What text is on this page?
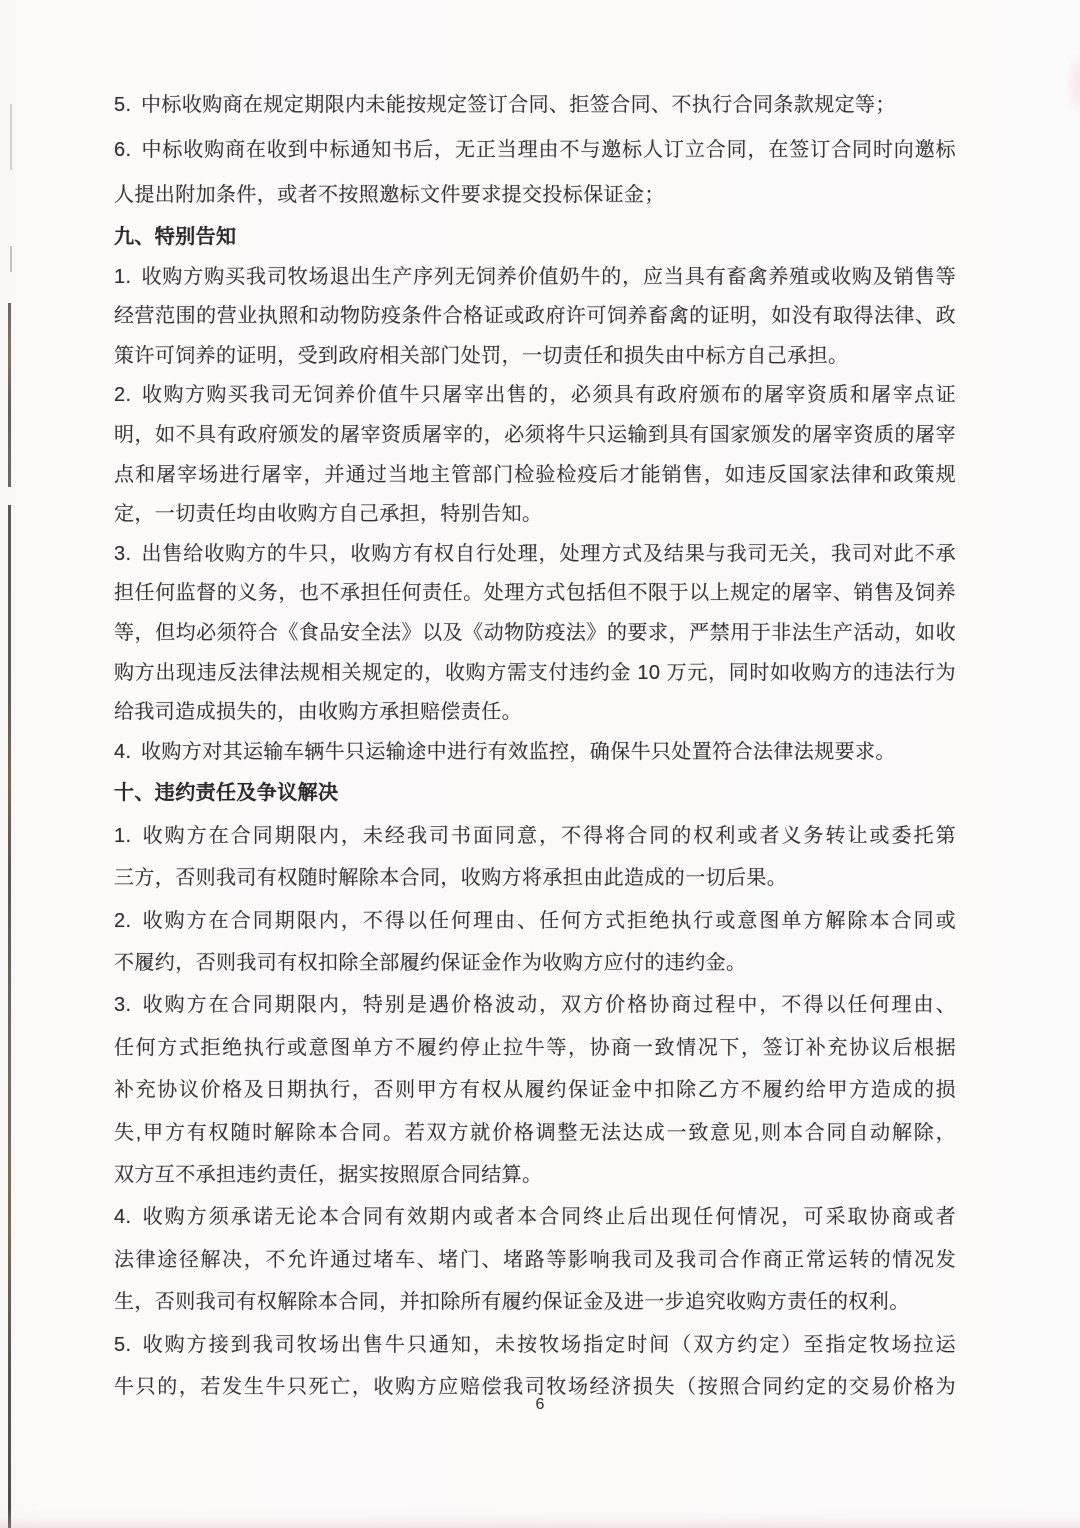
5. 中标收购商在规定期限内未能按规定签订合同、拒签合同、不执行合同条款规定等；
6. 中标收购商在收到中标通知书后，无正当理由不与邀标人订立合同，在签订合同时向邀标
人提出附加条件，或者不按照邀标文件要求提交投标保证金；
九、特别告知
1. 收购方购买我司牧场退出生产序列无饲养价值奶牛的，应当具有畜禽养殖或收购及销售等
经营范围的营业执照和动物防疫条件合格证或政府许可饲养畜禽的证明，如没有取得法律、政
策许可饲养的证明，受到政府相关部门处罚，一切责任和损失由中标方自己承担。
2. 收购方购买我司无饲养价值牛只屠宰出售的，必须具有政府颁布的屠宰资质和屠宰点证
明，如不具有政府颁发的屠宰资质屠宰的，必须将牛只运输到具有国家颁发的屠宰资质的屠宰
点和屠宰场进行屠宰，并通过当地主管部门检验检疫后才能销售，如违反国家法律和政策规
定，一切责任均由收购方自己承担，特别告知。
3. 出售给收购方的牛只，收购方有权自行处理，处理方式及结果与我司无关，我司对此不承
担任何监督的义务，也不承担任何责任。处理方式包括但不限于以上规定的屠宰、销售及饲养
等，但均必须符合《食品安全法》以及《动物防疫法》的要求，严禁用于非法生产活动，如收
购方出现违反法律法规相关规定的，收购方需支付违约金 10 万元，同时如收购方的违法行为
给我司造成损失的，由收购方承担赔偿责任。
4. 收购方对其运输车辆牛只运输途中进行有效监控，确保牛只处置符合法律法规要求。
十、违约责任及争议解决
1. 收购方在合同期限内，未经我司书面同意，不得将合同的权利或者义务转让或委托第
三方，否则我司有权随时解除本合同，收购方将承担由此造成的一切后果。
2. 收购方在合同期限内，不得以任何理由、任何方式拒绝执行或意图单方解除本合同或
不履约，否则我司有权扣除全部履约保证金作为收购方应付的违约金。
3. 收购方在合同期限内，特别是遇价格波动，双方价格协商过程中，不得以任何理由、
任何方式拒绝执行或意图单方不履约停止拉牛等，协商一致情况下，签订补充协议后根据
补充协议价格及日期执行，否则甲方有权从履约保证金中扣除乙方不履约给甲方造成的损
失,甲方有权随时解除本合同。若双方就价格调整无法达成一致意见,则本合同自动解除，
双方互不承担违约责任，据实按照原合同结算。
4. 收购方须承诺无论本合同有效期内或者本合同终止后出现任何情况，可采取协商或者
法律途径解决，不允许通过堵车、堵门、堵路等影响我司及我司合作商正常运转的情况发
生，否则我司有权解除本合同，并扣除所有履约保证金及进一步追究收购方责任的权利。
5. 收购方接到我司牧场出售牛只通知，未按牧场指定时间（双方约定）至指定牧场拉运
牛只的，若发生牛只死亡，收购方应赔偿我司牧场经济损失（按照合同约定的交易价格为
6
